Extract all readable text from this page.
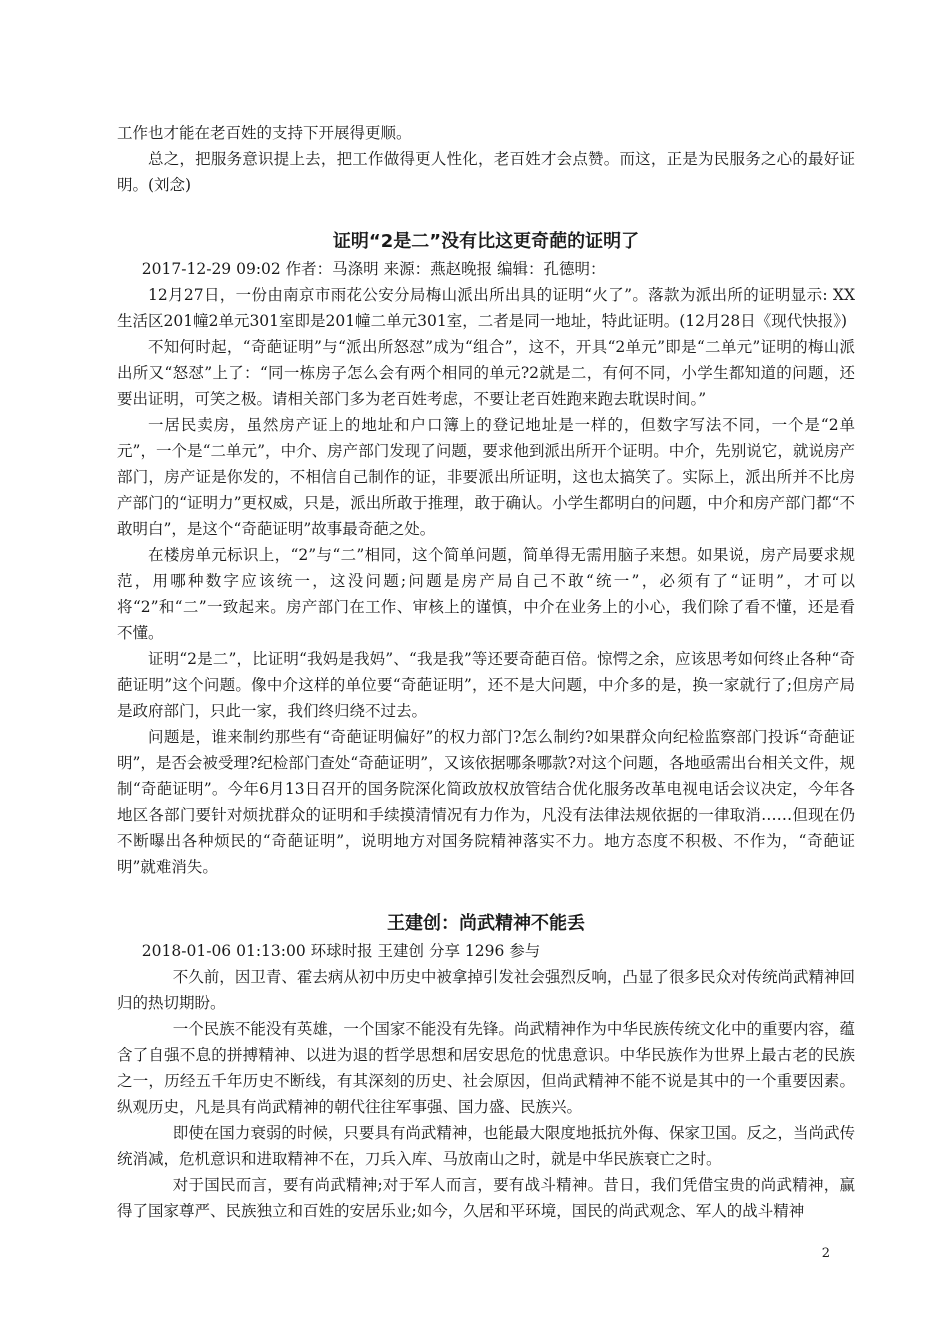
工作也才能在老百姓的支持下开展得更顺。

总之，把服务意识提上去，把工作做得更人性化，老百姓才会点赞。而这，正是为民服务之心的最好证明。(刘念)

证明“2是二”没有比这更奇葩的证明了

2017-12-29 09:02 作者：马涤明 来源：燕赵晚报 编辑：孔德明：

12月27日，一份由南京市雨花公安分局梅山派出所出具的证明“火了”。落款为派出所的证明显示: XX生活区201幢2单元301室即是201幢二单元301室，二者是同一地址，特此证明。(12月28日《现代快报》)

不知何时起，“奇葩证明”与“派出所怒怼”成为“组合”，这不，开具“2单元”即是“二单元”证明的梅山派出所又“怒怼”上了：“同一栋房子怎么会有两个相同的单元?2就是二，有何不同，小学生都知道的问题，还要出证明，可笑之极。请相关部门多为老百姓考虑，不要让老百姓跑来跑去耽误时间。”

一居民卖房，虽然房产证上的地址和户口簿上的登记地址是一样的，但数字写法不同，一个是“2单元”，一个是“二单元”，中介、房产部门发现了问题，要求他到派出所开个证明。中介，先别说它，就说房产部门，房产证是你发的，不相信自己制作的证，非要派出所证明，这也太搞笑了。实际上，派出所并不比房产部门的“证明力”更权威，只是，派出所敢于推理，敢于确认。小学生都明白的问题，中介和房产部门都“不敢明白”，是这个“奇葩证明”故事最奇葩之处。

在楼房单元标识上，“2”与“二”相同，这个简单问题，简单得无需用脑子来想。如果说，房产局要求规范，用哪种数字应该统一，这没问题;问题是房产局自己不敢“统一”，必须有了“证明”，才可以将“2”和“二”一致起来。房产部门在工作、审核上的谨慎，中介在业务上的小心，我们除了看不懂，还是看不懂。

证明“2是二”，比证明“我妈是我妈”、“我是我”等还要奇葩百倍。惊愕之余，应该思考如何终止各种“奇葩证明”这个问题。像中介这样的单位要“奇葩证明”，还不是大问题，中介多的是，换一家就行了;但房产局是政府部门，只此一家，我们终归绕不过去。

问题是，谁来制约那些有“奇葩证明偏好”的权力部门?怎么制约?如果群众向纪检监察部门投诉“奇葩证明”，是否会被受理?纪检部门查处“奇葩证明”，又该依据哪条哪款?对这个问题，各地亟需出台相关文件，规制“奇葩证明”。今年6月13日召开的国务院深化简政放权放管结合优化服务改革电视电话会议决定，今年各地区各部门要针对烦扰群众的证明和手续摸清情况有力作为，凡没有法律法规依据的一律取消……但现在仍不断曝出各种烦民的“奇葩证明”，说明地方对国务院精神落实不力。地方态度不积极、不作为，“奇葩证明”就难消失。

王建创：尚武精神不能丢

2018-01-06 01:13:00 环球时报 王建创 分享 1296 参与

不久前，因卫青、霍去病从初中历史中被拿掉引发社会强烈反响，凸显了很多民众对传统尚武精神回归的热切期盼。

一个民族不能没有英雄，一个国家不能没有先锋。尚武精神作为中华民族传统文化中的重要内容，蕴含了自强不息的拼搏精神、以进为退的哲学思想和居安思危的忧患意识。中华民族作为世界上最古老的民族之一，历经五千年历史不断线，有其深刻的历史、社会原因，但尚武精神不能不说是其中的一个重要因素。纵观历史，凡是具有尚武精神的朝代往往军事强、国力盛、民族兴。

即使在国力衰弱的时候，只要具有尚武精神，也能最大限度地抵抗外侮、保家卫国。反之，当尚武传统消减，危机意识和进取精神不在，刀兵入库、马放南山之时，就是中华民族衰亡之时。

对于国民而言，要有尚武精神;对于军人而言，要有战斗精神。昔日，我们凭借宝贵的尚武精神，赢得了国家尊严、民族独立和百姓的安居乐业;如今，久居和平环境，国民的尚武观念、军人的战斗精神

2
